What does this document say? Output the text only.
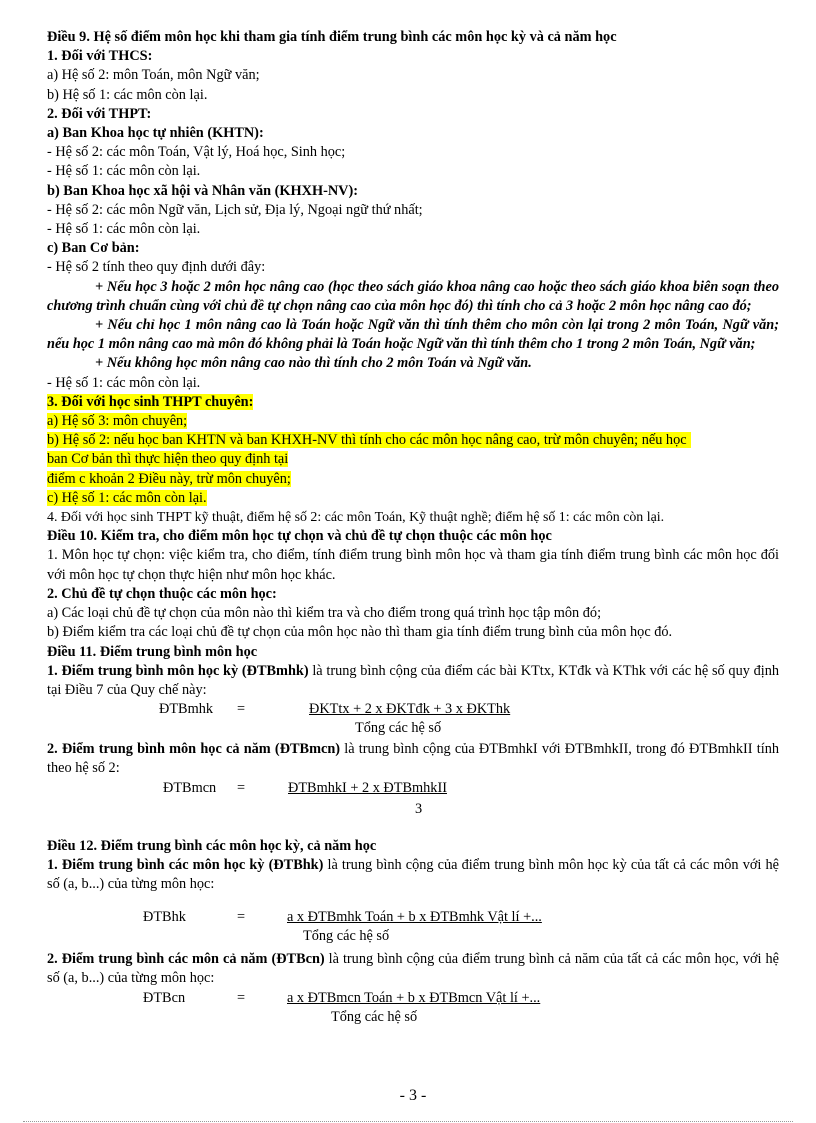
Điều 9. Hệ số điểm môn học khi tham gia tính điểm trung bình các môn học kỳ và cả năm học
1. Đối với THCS:
a) Hệ số 2: môn Toán, môn Ngữ văn;
b) Hệ số 1: các môn còn lại.
2. Đối với THPT:
a) Ban Khoa học tự nhiên (KHTN):
- Hệ số 2: các môn Toán, Vật lý, Hoá học, Sinh học;
- Hệ số 1: các môn còn lại.
b) Ban Khoa học xã hội và Nhân văn (KHXH-NV):
- Hệ số 2: các môn Ngữ văn, Lịch sử, Địa lý, Ngoại ngữ thứ nhất;
- Hệ số 1: các môn còn lại.
c) Ban Cơ bản:
- Hệ số 2 tính theo quy định dưới đây:
+ Nếu học 3 hoặc 2 môn học nâng cao (học theo sách giáo khoa nâng cao hoặc theo sách giáo khoa biên soạn theo chương trình chuẩn cùng với chủ đề tự chọn nâng cao của môn học đó) thì tính cho cả 3 hoặc 2 môn học nâng cao đó;
+ Nếu chỉ học 1 môn nâng cao là Toán hoặc Ngữ văn thì tính thêm cho môn còn lại trong 2 môn Toán, Ngữ văn; nếu học 1 môn nâng cao mà môn đó không phải là Toán hoặc Ngữ văn thì tính thêm cho 1 trong 2 môn Toán, Ngữ văn;
+ Nếu không học môn nâng cao nào thì tính cho 2 môn Toán và Ngữ văn.
- Hệ số 1: các môn còn lại.
3. Đối với học sinh THPT chuyên:
a) Hệ số 3: môn chuyên;
b) Hệ số 2: nếu học ban KHTN và ban KHXH-NV thì tính cho các môn học nâng cao, trừ môn chuyên; nếu học
ban Cơ bản thì thực hiện theo quy định tại
điểm c khoản 2 Điều này, trừ môn chuyên;
c) Hệ số 1: các môn còn lại.
4. Đối với học sinh THPT kỹ thuật, điểm hệ số 2: các môn Toán, Kỹ thuật nghề; điểm hệ số 1: các môn còn lại.
Điều 10. Kiểm tra, cho điểm môn học tự chọn và chủ đề tự chọn thuộc các môn học
1. Môn học tự chọn: việc kiểm tra, cho điểm, tính điểm trung bình môn học và tham gia tính điểm trung bình các môn học đối với môn học tự chọn thực hiện như môn học khác.
2. Chủ đề tự chọn thuộc các môn học:
a) Các loại chủ đề tự chọn của môn nào thì kiểm tra và cho điểm trong quá trình học tập môn đó;
b) Điểm kiểm tra các loại chủ đề tự chọn của môn học nào thì tham gia tính điểm trung bình của môn học đó.
Điều 11. Điểm trung bình môn học
1. Điểm trung bình môn học kỳ (ĐTBmhk) là trung bình cộng của điểm các bài KTtx, KTđk và KThk với các hệ số quy định tại Điều 7 của Quy chế này:
ĐTBmhk =	ĐKTtx + 2 x ĐKTđk + 3 x ĐKThk
Tổng các hệ số
2. Điểm trung bình môn học cả năm (ĐTBmcn) là trung bình cộng của ĐTBmhkI với ĐTBmhkII, trong đó ĐTBmhkII tính theo hệ số 2:
ĐTBmcn =	ĐTBmhkI + 2 x ĐTBmhkII
3
Điều 12. Điểm trung bình các môn học kỳ, cả năm học
1. Điểm trung bình các môn học kỳ (ĐTBhk) là trung bình cộng của điểm trung bình môn học kỳ của tất cả các môn với hệ số (a, b...) của từng môn học:
ĐTBhk	=	a x ĐTBmhk Toán + b x ĐTBmhk Vật lí +...
Tổng các hệ số
2. Điểm trung bình các môn cả năm (ĐTBcn) là trung bình cộng của điểm trung bình cả năm của tất cả các môn học, với hệ số (a, b...) của từng môn học:
ĐTBcn	=	a x ĐTBmcn Toán + b x ĐTBmcn Vật lí +...
Tổng các hệ số
- 3 -
